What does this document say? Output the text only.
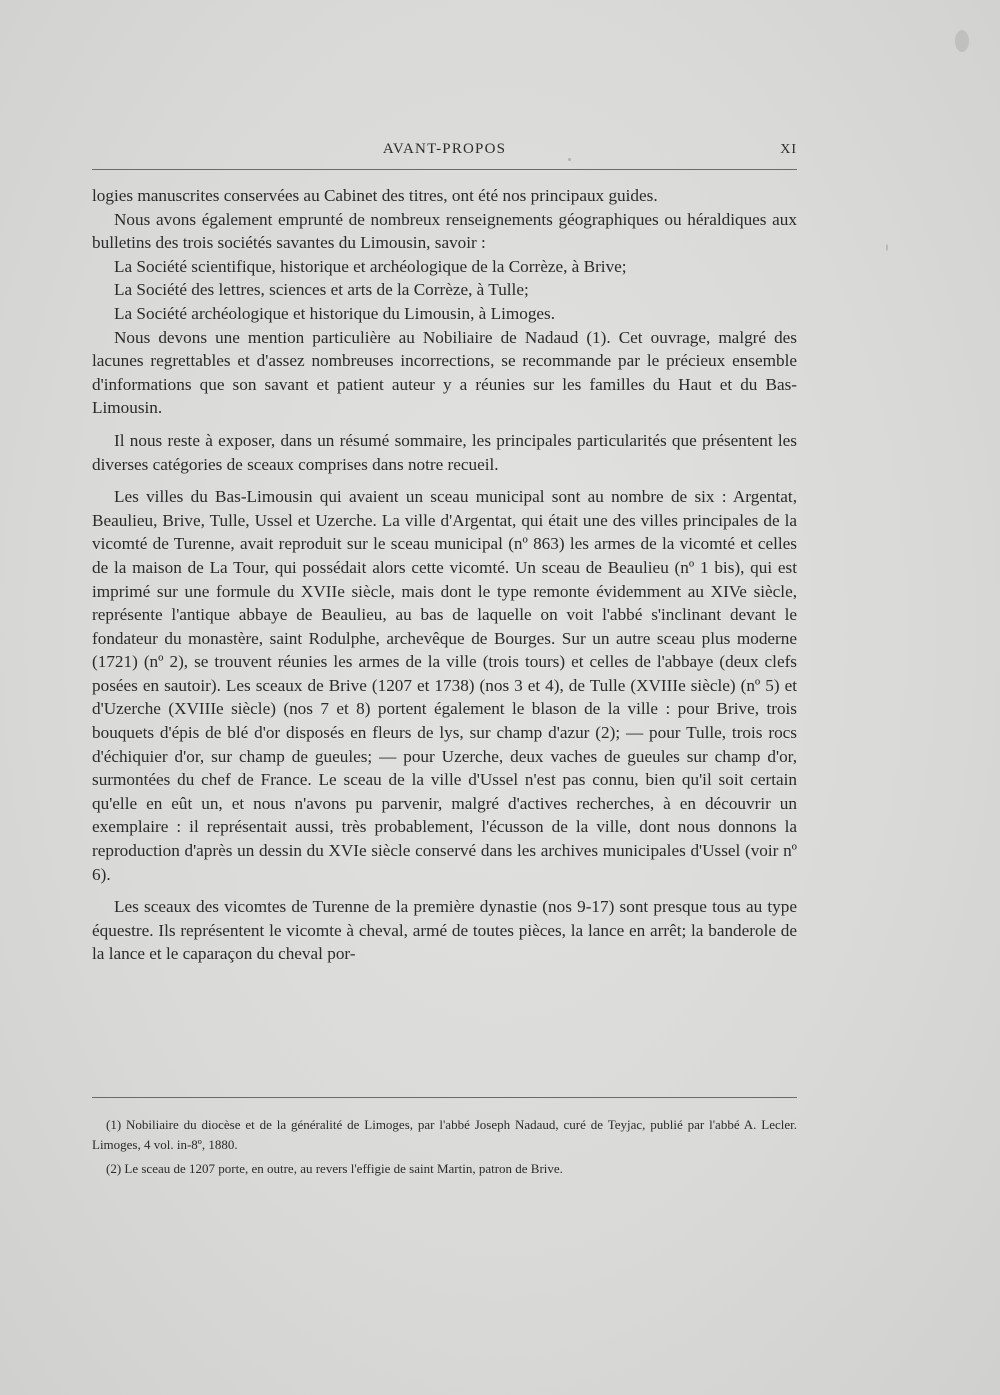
AVANT-PROPOS	XI

logies manuscrites conservées au Cabinet des titres, ont été nos principaux guides.

Nous avons également emprunté de nombreux renseignements géographiques ou héraldiques aux bulletins des trois sociétés savantes du Limousin, savoir :

La Société scientifique, historique et archéologique de la Corrèze, à Brive;

La Société des lettres, sciences et arts de la Corrèze, à Tulle;

La Société archéologique et historique du Limousin, à Limoges.

Nous devons une mention particulière au Nobiliaire de Nadaud (1). Cet ouvrage, malgré des lacunes regrettables et d'assez nombreuses incorrections, se recommande par le précieux ensemble d'informations que son savant et patient auteur y a réunies sur les familles du Haut et du Bas-Limousin.

Il nous reste à exposer, dans un résumé sommaire, les principales particularités que présentent les diverses catégories de sceaux comprises dans notre recueil.

Les villes du Bas-Limousin qui avaient un sceau municipal sont au nombre de six : Argentat, Beaulieu, Brive, Tulle, Ussel et Uzerche. La ville d'Argentat, qui était une des villes principales de la vicomté de Turenne, avait reproduit sur le sceau municipal (nº 863) les armes de la vicomté et celles de la maison de La Tour, qui possédait alors cette vicomté. Un sceau de Beaulieu (nº 1 bis), qui est imprimé sur une formule du XVIIe siècle, mais dont le type remonte évidemment au XIVe siècle, représente l'antique abbaye de Beaulieu, au bas de laquelle on voit l'abbé s'inclinant devant le fondateur du monastère, saint Rodulphe, archevêque de Bourges. Sur un autre sceau plus moderne (1721) (nº 2), se trouvent réunies les armes de la ville (trois tours) et celles de l'abbaye (deux clefs posées en sautoir). Les sceaux de Brive (1207 et 1738) (nos 3 et 4), de Tulle (XVIIIe siècle) (nº 5) et d'Uzerche (XVIIIe siècle) (nos 7 et 8) portent également le blason de la ville : pour Brive, trois bouquets d'épis de blé d'or disposés en fleurs de lys, sur champ d'azur (2); — pour Tulle, trois rocs d'échiquier d'or, sur champ de gueules; — pour Uzerche, deux vaches de gueules sur champ d'or, surmontées du chef de France. Le sceau de la ville d'Ussel n'est pas connu, bien qu'il soit certain qu'elle en eût un, et nous n'avons pu parvenir, malgré d'actives recherches, à en découvrir un exemplaire : il représentait aussi, très probablement, l'écusson de la ville, dont nous donnons la reproduction d'après un dessin du XVIe siècle conservé dans les archives municipales d'Ussel (voir nº 6).

Les sceaux des vicomtes de Turenne de la première dynastie (nos 9-17) sont presque tous au type équestre. Ils représentent le vicomte à cheval, armé de toutes pièces, la lance en arrêt; la banderole de la lance et le caparaçon du cheval por-

(1) Nobiliaire du diocèse et de la généralité de Limoges, par l'abbé Joseph Nadaud, curé de Teyjac, publié par l'abbé A. Lecler. Limoges, 4 vol. in-8º, 1880.

(2) Le sceau de 1207 porte, en outre, au revers l'effigie de saint Martin, patron de Brive.
